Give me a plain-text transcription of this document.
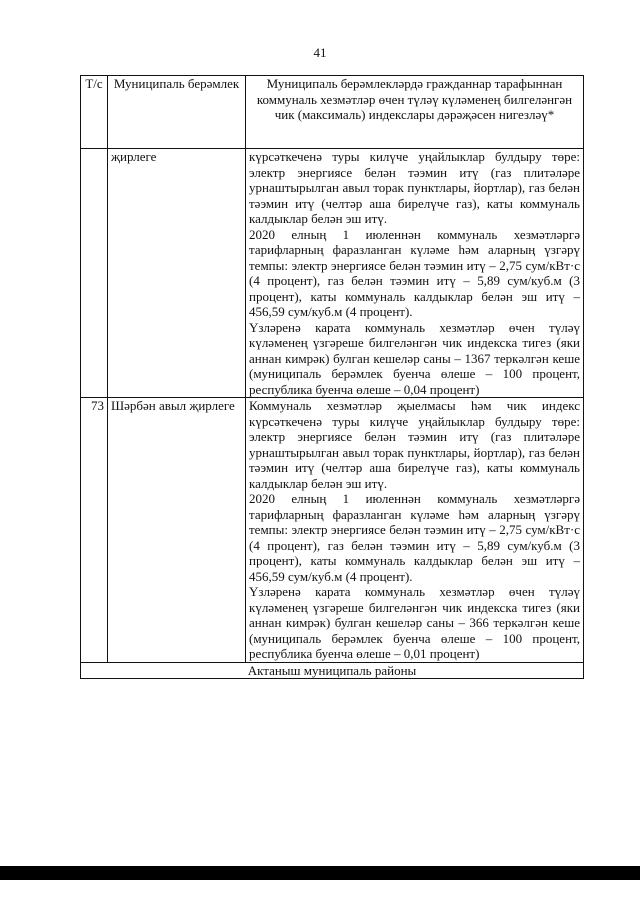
41
Т/с	Муниципаль берәмлек	Муниципаль берәмлекләрдә гражданнар тарафыннан коммуналь хезмәтләр өчен түләү күләменең билгеләнгән чик (максималь) индекслары дәрәҗәсен нигезләү*
	җирлеге	күрсәткеченә туры килүче уңайлыклар булдыру төре: электр энергиясе белән тәэмин итү (газ плитәләре урнаштырылган авыл торак пунктлары, йортлар), газ белән тәэмин итү (челтәр аша бирелүче газ), каты коммуналь калдыклар белән эш итү.

2020 елның 1 июленнән коммуналь хезмәтләргә тарифларның фаразланган күләме һәм аларның үзгәрү темпы: электр энергиясе белән тәэмин итү – 2,75 сум/кВт·с (4 процент), газ белән тәэмин итү – 5,89 сум/куб.м (3 процент), каты коммуналь калдыклар белән эш итү – 456,59 сум/куб.м (4 процент).

Үзләренә карата коммуналь хезмәтләр өчен түләү күләменең үзгәреше билгеләнгән чик индекска тигез (яки аннан кимрәк) булган кешеләр саны – 1367 теркәлгән кеше (муниципаль берәмлек буенча өлеше – 100 процент, республика буенча өлеше – 0,04 процент)

73	Шәрбән авыл җирлеге	Коммуналь хезмәтләр җыелмасы һәм чик индекс күрсәткеченә туры килүче уңайлыклар булдыру төре: электр энергиясе белән тәэмин итү (газ плитәләре урнаштырылган авыл торак пунктлары, йортлар), газ белән тәэмин итү (челтәр аша бирелүче газ), каты коммуналь калдыклар белән эш итү.

2020 елның 1 июленнән коммуналь хезмәтләргә тарифларның фаразланган күләме һәм аларның үзгәрү темпы: электр энергиясе белән тәэмин итү – 2,75 сум/кВт·с (4 процент), газ белән тәэмин итү – 5,89 сум/куб.м (3 процент), каты коммуналь калдыклар белән эш итү – 456,59 сум/куб.м (4 процент).

Үзләренә карата коммуналь хезмәтләр өчен түләү күләменең үзгәреше билгеләнгән чик индекска тигез (яки аннан кимрәк) булган кешеләр саны – 366 теркәлгән кеше (муниципаль берәмлек буенча өлеше – 100 процент, республика буенча өлеше – 0,01 процент)

Актаныш муниципаль районы		
